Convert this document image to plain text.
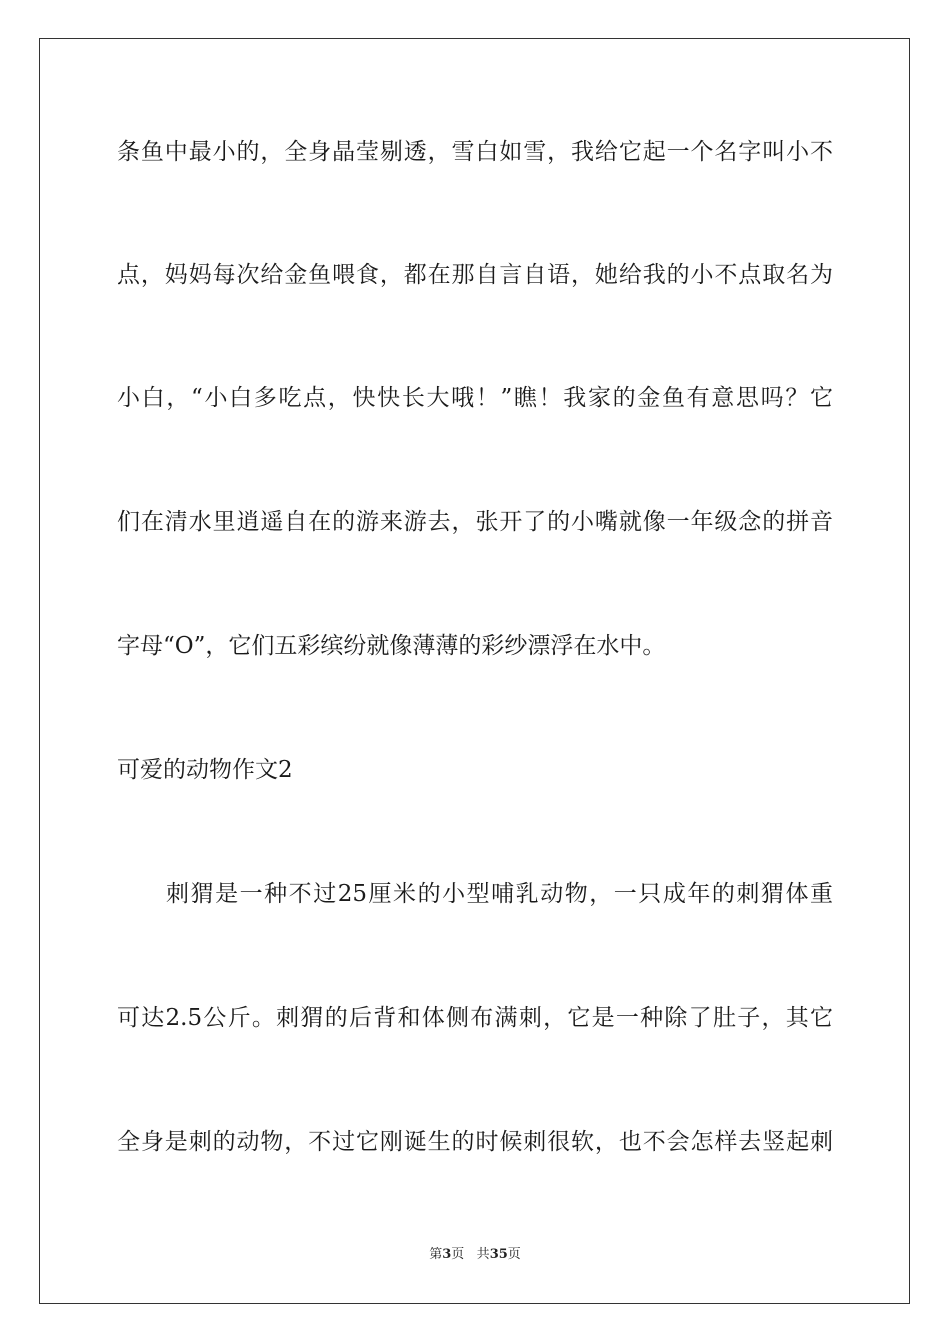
条鱼中最小的，全身晶莹剔透，雪白如雪，我给它起一个名字叫小不
点，妈妈每次给金鱼喂食，都在那自言自语，她给我的小不点取名为
小白，“小白多吃点，快快长大哦！”瞧！我家的金鱼有意思吗？它
们在清水里逍遥自在的游来游去，张开了的小嘴就像一年级念的拼音
字母“O”，它们五彩缤纷就像薄薄的彩纱漂浮在水中。
可爱的动物作文2
　　刺猬是一种不过25厘米的小型哺乳动物，一只成年的刺猬体重
可达2.5公斤。刺猬的后背和体侧布满刺，它是一种除了肚子，其它
全身是刺的动物，不过它刚诞生的时候刺很软，也不会怎样去竖起刺
第3页 共35页
